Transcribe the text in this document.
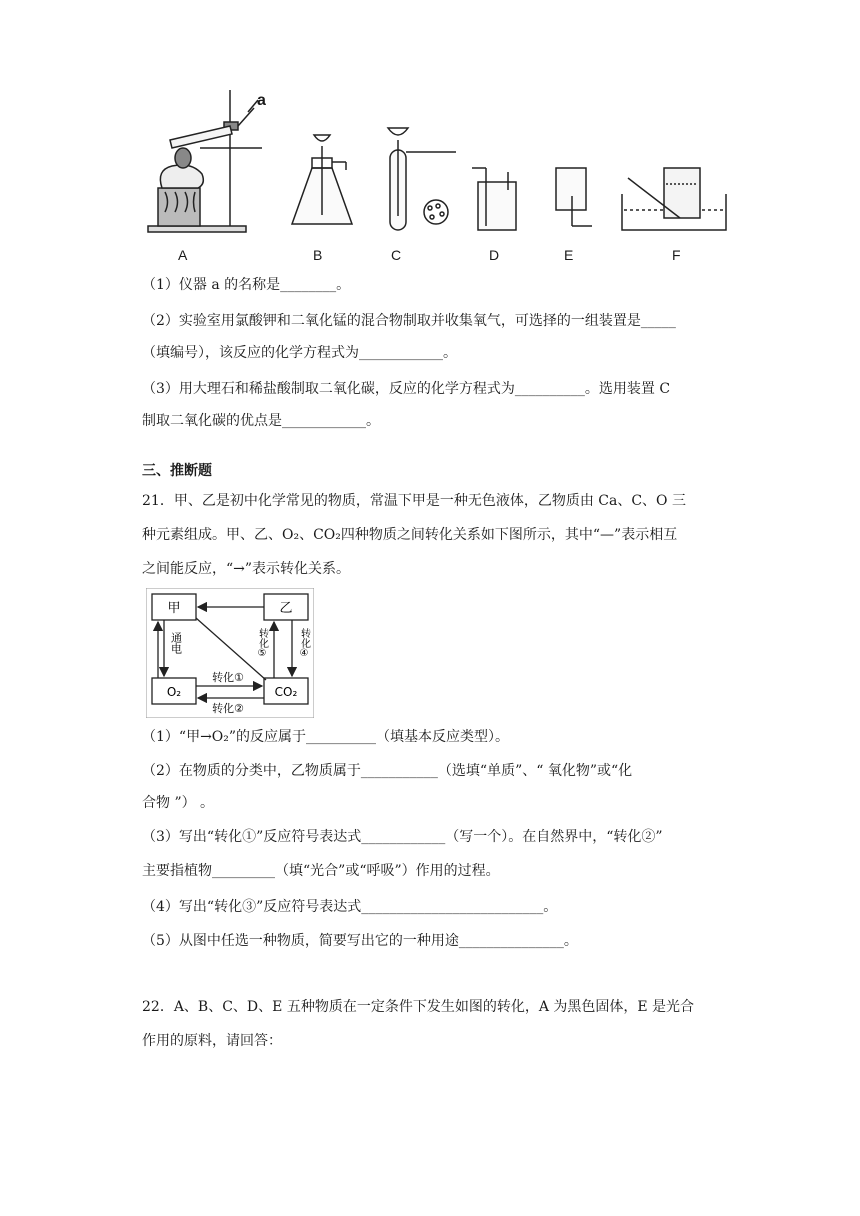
a
A	B	C	D	E	F
（1）仪器 a 的名称是________。
（2）实验室用氯酸钾和二氧化锰的混合物制取并收集氧气，可选择的一组装置是_____
（填编号），该反应的化学方程式为____________。
（3）用大理石和稀盐酸制取二氧化碳，反应的化学方程式为__________。选用装置 C
制取二氧化碳的优点是____________。
三、推断题
21．甲、乙是初中化学常见的物质，常温下甲是一种无色液体，乙物质由 Ca、C、O 三
种元素组成。甲、乙、O₂、CO₂四种物质之间转化关系如下图所示，其中“—”表示相互
之间能反应，“→”表示转化关系。
甲	乙
O₂	CO₂
通电
转化①
转化②
转化⑤	转化④
（1）“甲→O₂”的反应属于__________（填基本反应类型）。
（2）在物质的分类中，乙物质属于___________（选填“单质”、“ 氧化物”或“化
合物 ”） 。
（3）写出“转化①”反应符号表达式____________（写一个）。在自然界中，“转化②”
主要指植物_________（填“光合”或“呼吸”）作用的过程。
（4）写出“转化③”反应符号表达式__________________________。
（5）从图中任选一种物质，简要写出它的一种用途_______________。
22．A、B、C、D、E 五种物质在一定条件下发生如图的转化，A 为黑色固体，E 是光合
作用的原料，请回答：
